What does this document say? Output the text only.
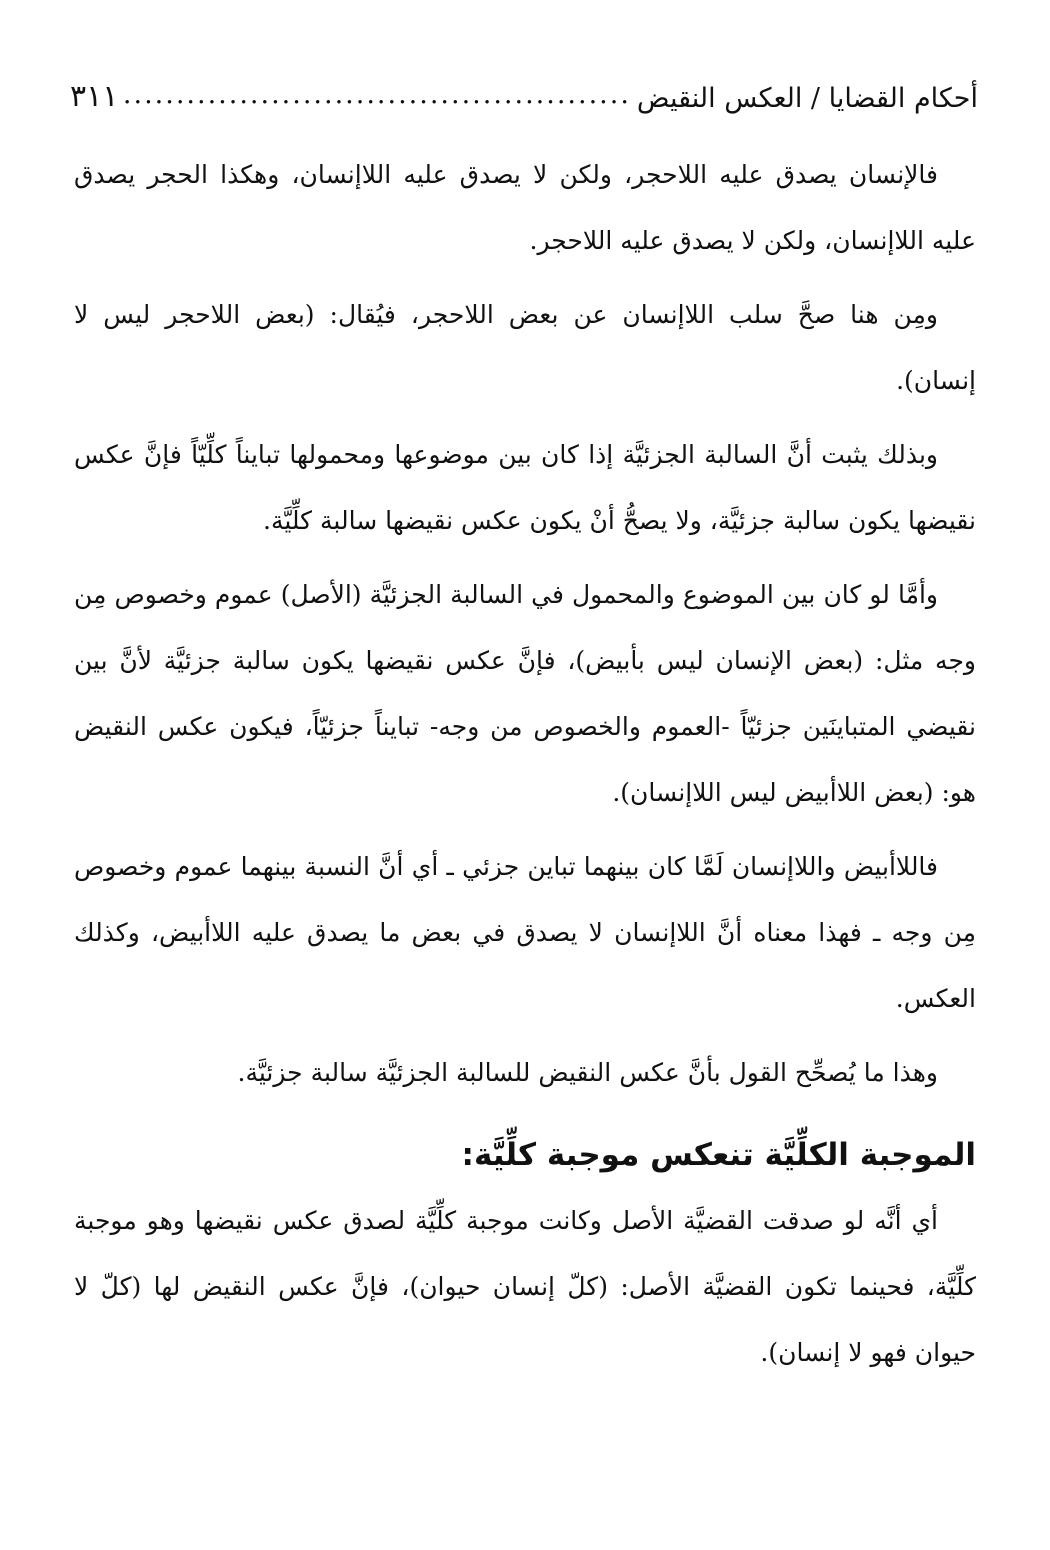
أحكام القضايا / العكس النقيض
.....
٣١١

فالإنسان يصدق عليه اللاحجر، ولكن لا يصدق عليه اللاإنسان، وهكذا الحجر يصدق عليه اللاإنسان، ولكن لا يصدق عليه اللاحجر.

ومِن هنا صحَّ سلب اللاإنسان عن بعض اللاحجر، فيُقال: (بعض اللاحجر ليس لا إنسان).

وبذلك يثبت أنَّ السالبة الجزئيَّة إذا كان بين موضوعها ومحمولها تبايناً كلِّيّاً فإنَّ عكس نقيضها يكون سالبة جزئيَّة، ولا يصحُّ أنْ يكون عكس نقيضها سالبة كلِّيَّة.

وأمَّا لو كان بين الموضوع والمحمول في السالبة الجزئيَّة (الأصل) عموم وخصوص مِن وجه مثل: (بعض الإنسان ليس بأبيض)، فإنَّ عكس نقيضها يكون سالبة جزئيَّة لأنَّ بين نقيضي المتباينَين جزئيّاً -العموم والخصوص من وجه- تبايناً جزئيّاً، فيكون عكس النقيض هو: (بعض اللاأبيض ليس اللاإنسان).

فاللاأبيض واللاإنسان لَمَّا كان بينهما تباين جزئي ـ أي أنَّ النسبة بينهما عموم وخصوص مِن وجه ـ فهذا معناه أنَّ اللاإنسان لا يصدق في بعض ما يصدق عليه اللاأبيض، وكذلك العكس.

وهذا ما يُصحِّح القول بأنَّ عكس النقيض للسالبة الجزئيَّة سالبة جزئيَّة.

الموجبة الكلِّيَّة تنعكس موجبة كلِّيَّة:

أي أنَّه لو صدقت القضيَّة الأصل وكانت موجبة كلِّيَّة لصدق عكس نقيضها وهو موجبة كلِّيَّة، فحينما تكون القضيَّة الأصل: (كلّ إنسان حيوان)، فإنَّ عكس النقيض لها (كلّ لا حيوان فهو لا إنسان).
